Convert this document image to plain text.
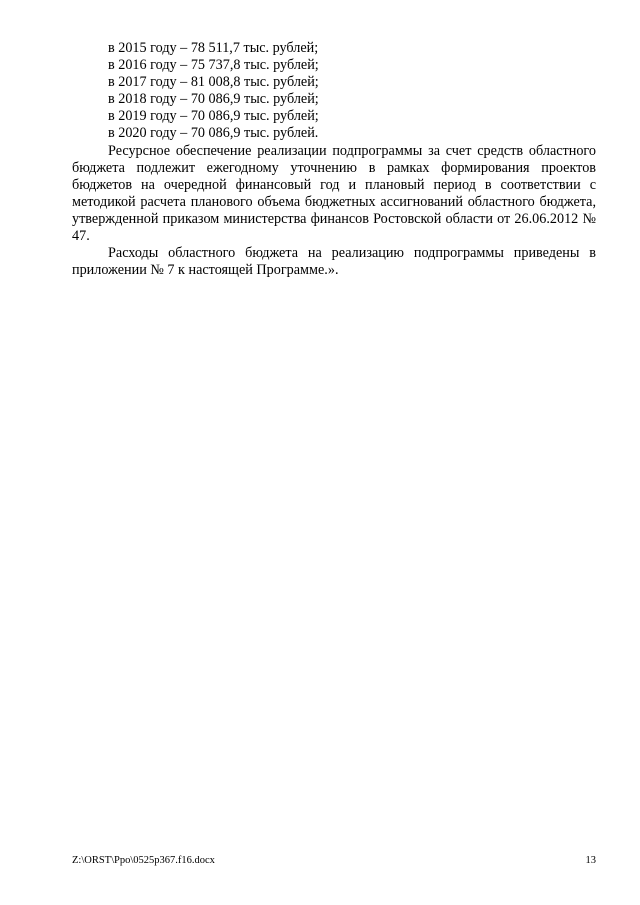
в 2015 году – 78 511,7 тыс. рублей;
в 2016 году – 75 737,8 тыс. рублей;
в 2017 году – 81 008,8 тыс. рублей;
в 2018 году – 70 086,9 тыс. рублей;
в 2019 году – 70 086,9 тыс. рублей;
в 2020 году – 70 086,9 тыс. рублей.

Ресурсное обеспечение реализации подпрограммы за счет средств областного бюджета подлежит ежегодному уточнению в рамках формирования проектов бюджетов на очередной финансовый год и плановый период в соответствии с методикой расчета планового объема бюджетных ассигнований областного бюджета, утвержденной приказом министерства финансов Ростовской области от 26.06.2012 № 47.

Расходы областного бюджета на реализацию подпрограммы приведены в приложении № 7 к настоящей Программе.».

Z:\ORST\Ppo\0525p367.f16.docx	13
